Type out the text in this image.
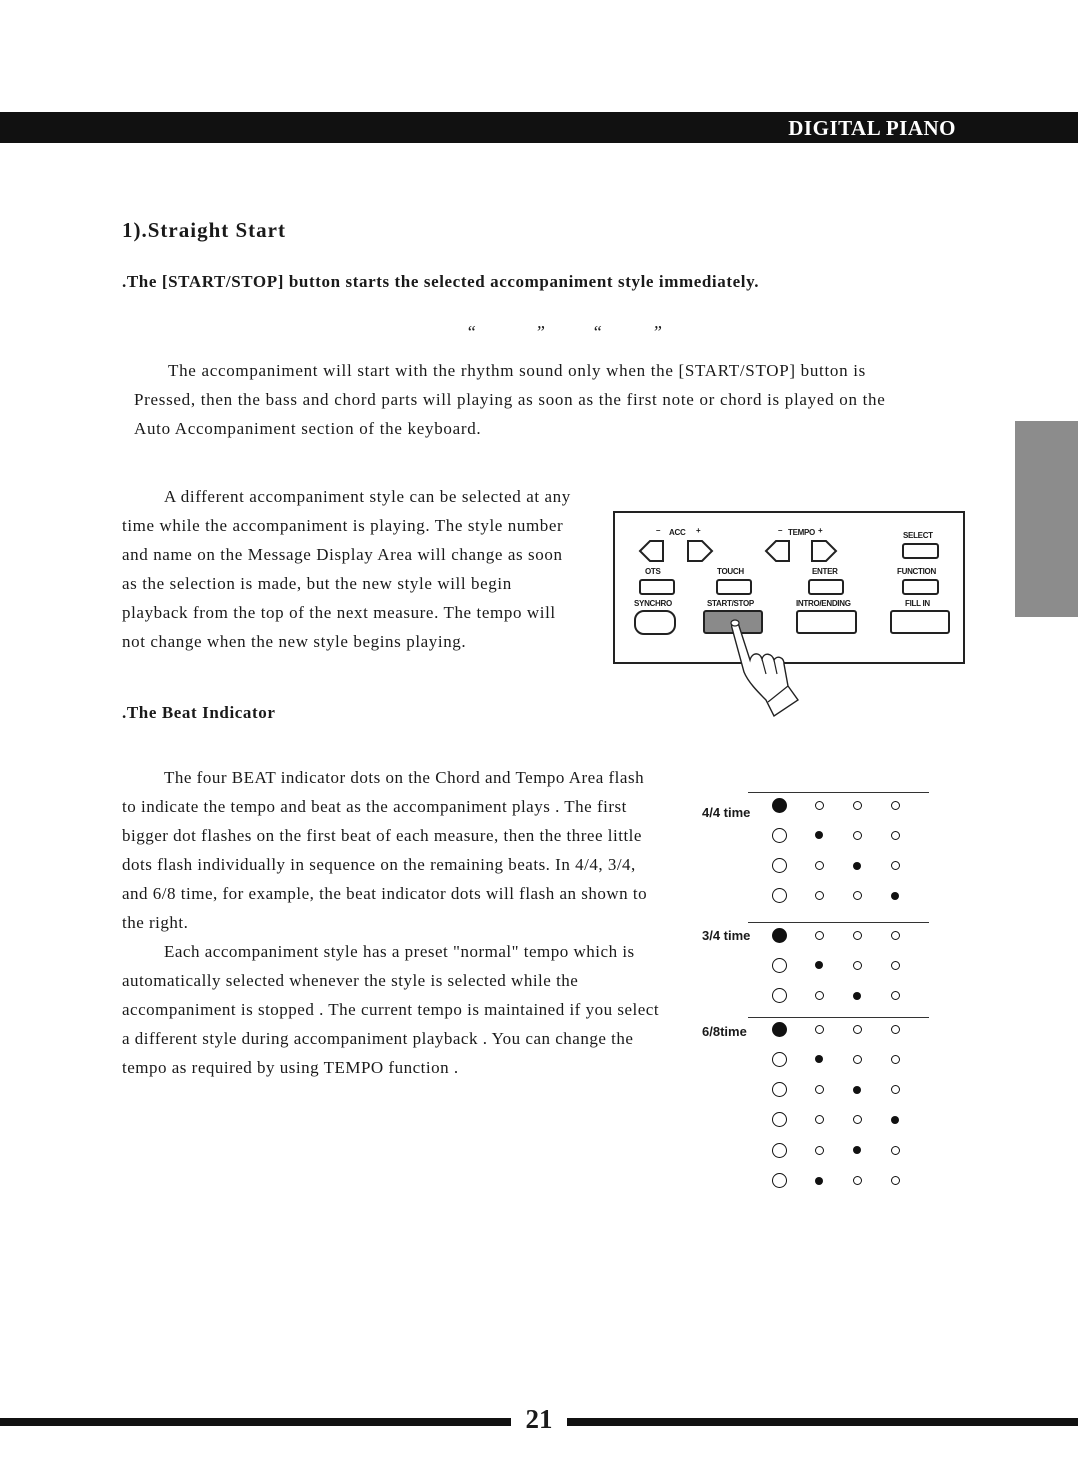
DIGITAL PIANO
1).Straight Start
.The [START/STOP] button starts the selected accompaniment style immediately.
“	”	“	”
The accompaniment will start with the rhythm sound only when the [START/STOP] button is
Pressed, then the bass and chord parts will playing as soon as the first note or chord is played on the
Auto Accompaniment section of the keyboard.

A different accompaniment style can be selected at any time while the accompaniment is playing. The style number and name on the Message Display Area will change as soon as the selection is made, but the new style will begin playback from the top of the next measure. The tempo will not change when the new style begins playing.

– ACC +	– TEMPO +
SELECT
OTS	TOUCH	ENTER	FUNCTION
SYNCHRO	START/STOP	INTRO/ENDING	FILL IN
.The Beat Indicator

The four BEAT indicator dots on the Chord and Tempo Area flash to indicate the tempo and beat as the accompaniment plays . The first bigger dot flashes on the first beat of each measure, then the three little dots flash individually in sequence on the remaining beats. In 4/4, 3/4, and 6/8 time, for example, the beat indicator dots will flash an shown to the right.

Each accompaniment style has a preset "normal" tempo which is automatically selected whenever the style is selected while the accompaniment is stopped . The current tempo is maintained if you select a different style during accompaniment playback . You can change the tempo as required by using TEMPO function .

4/4 time
3/4 time
6/8time
21
